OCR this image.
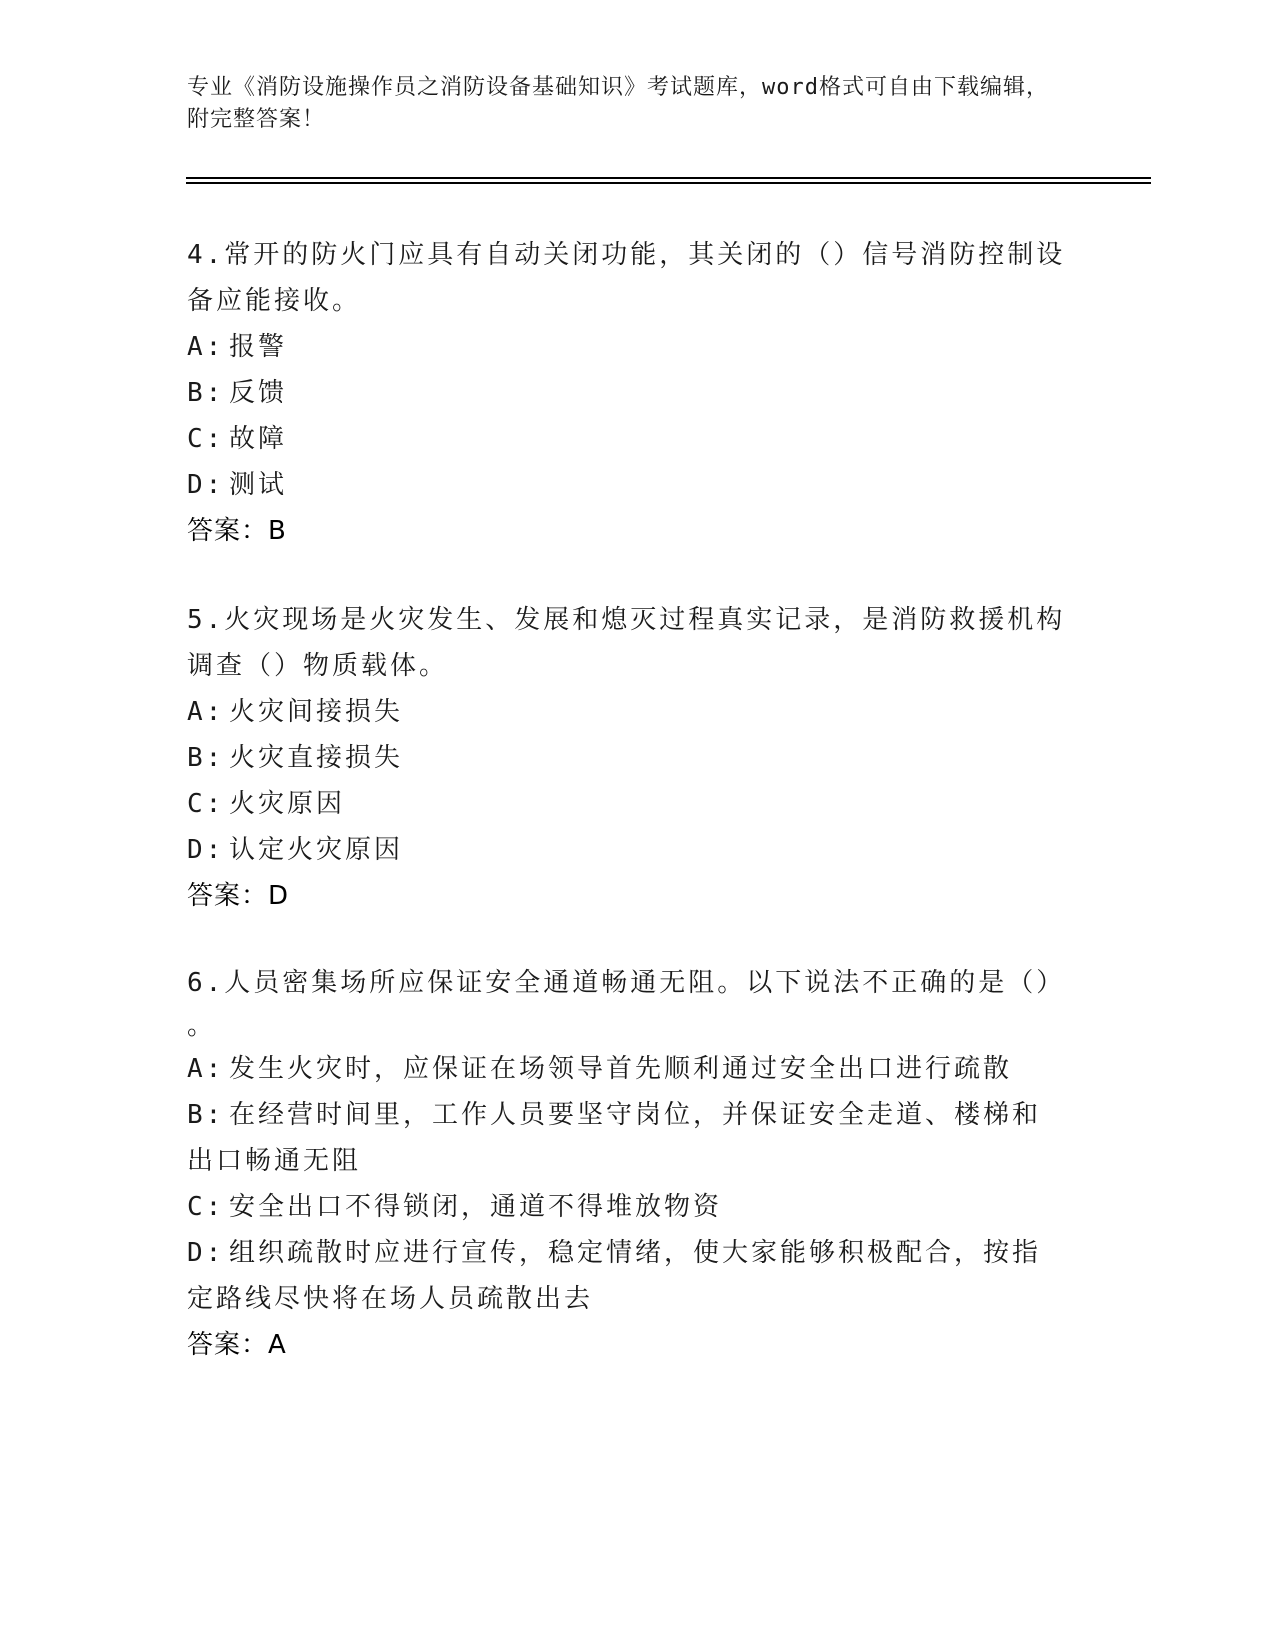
专业《消防设施操作员之消防设备基础知识》考试题库，word格式可自由下载编辑，附完整答案！

4.常开的防火门应具有自动关闭功能，其关闭的（）信号消防控制设备应能接收。

A: 报警

B: 反馈

C: 故障

D: 测试

答案：B

5.火灾现场是火灾发生、发展和熄灭过程真实记录，是消防救援机构调查（）物质载体。

A: 火灾间接损失

B: 火灾直接损失

C: 火灾原因

D: 认定火灾原因

答案：D

6.人员密集场所应保证安全通道畅通无阻。以下说法不正确的是（）

。

A: 发生火灾时，应保证在场领导首先顺利通过安全出口进行疏散

B: 在经营时间里，工作人员要坚守岗位，并保证安全走道、楼梯和出口畅通无阻

C: 安全出口不得锁闭，通道不得堆放物资

D: 组织疏散时应进行宣传，稳定情绪，使大家能够积极配合，按指定路线尽快将在场人员疏散出去

答案：A
